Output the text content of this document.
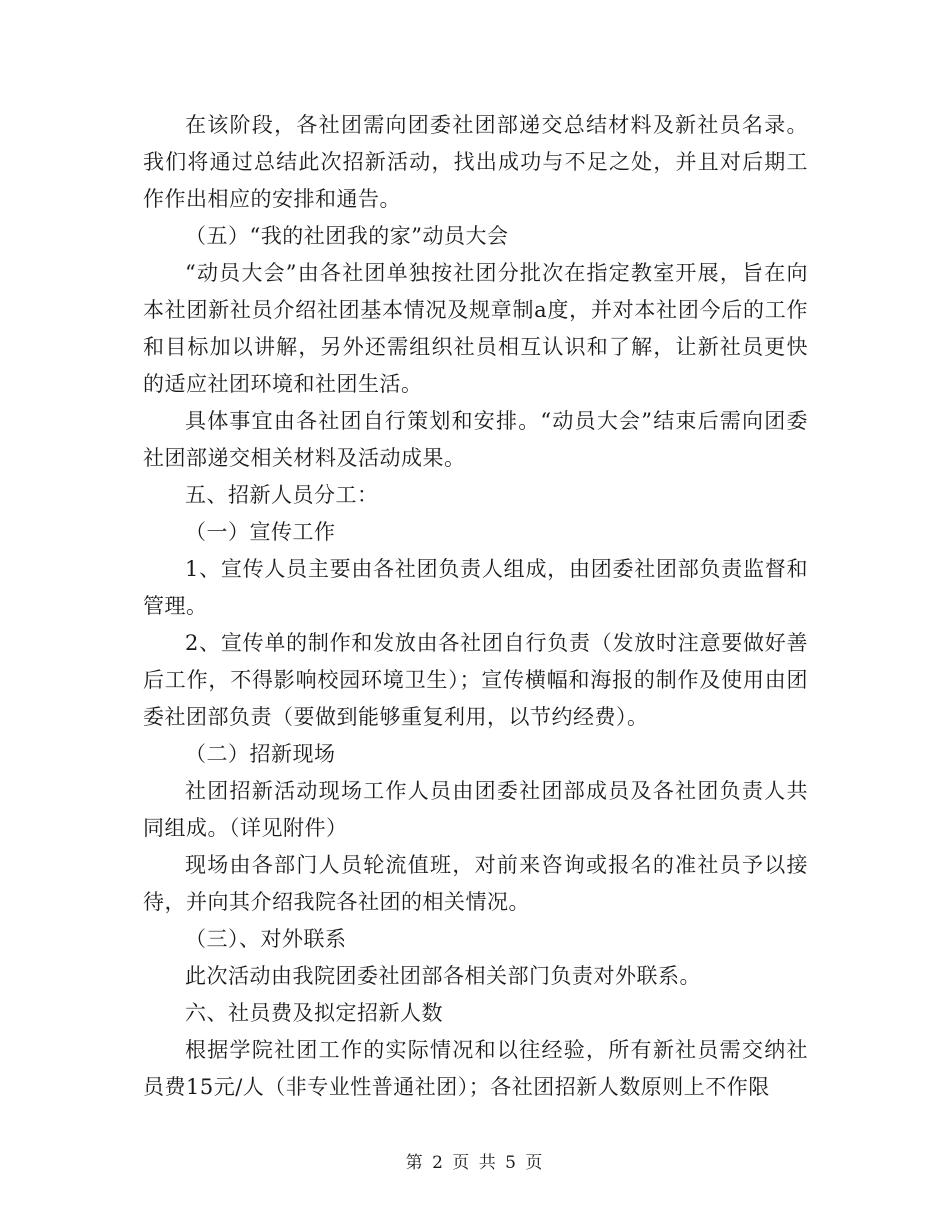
在该阶段，各社团需向团委社团部递交总结材料及新社员名录。我们将通过总结此次招新活动，找出成功与不足之处，并且对后期工作作出相应的安排和通告。

（五）“我的社团我的家”动员大会

“动员大会”由各社团单独按社团分批次在指定教室开展，旨在向本社团新社员介绍社团基本情况及规章制a度，并对本社团今后的工作和目标加以讲解，另外还需组织社员相互认识和了解，让新社员更快的适应社团环境和社团生活。

具体事宜由各社团自行策划和安排。“动员大会”结束后需向团委社团部递交相关材料及活动成果。

五、招新人员分工：

（一）宣传工作

1、宣传人员主要由各社团负责人组成，由团委社团部负责监督和管理。

2、宣传单的制作和发放由各社团自行负责（发放时注意要做好善后工作，不得影响校园环境卫生）；宣传横幅和海报的制作及使用由团委社团部负责（要做到能够重复利用，以节约经费）。

（二）招新现场

社团招新活动现场工作人员由团委社团部成员及各社团负责人共同组成。（详见附件）

现场由各部门人员轮流值班，对前来咨询或报名的准社员予以接待，并向其介绍我院各社团的相关情况。

（三）、对外联系

此次活动由我院团委社团部各相关部门负责对外联系。

六、社员费及拟定招新人数

根据学院社团工作的实际情况和以往经验，所有新社员需交纳社员费15元/人（非专业性普通社团）；各社团招新人数原则上不作限

第 2 页 共 5 页
